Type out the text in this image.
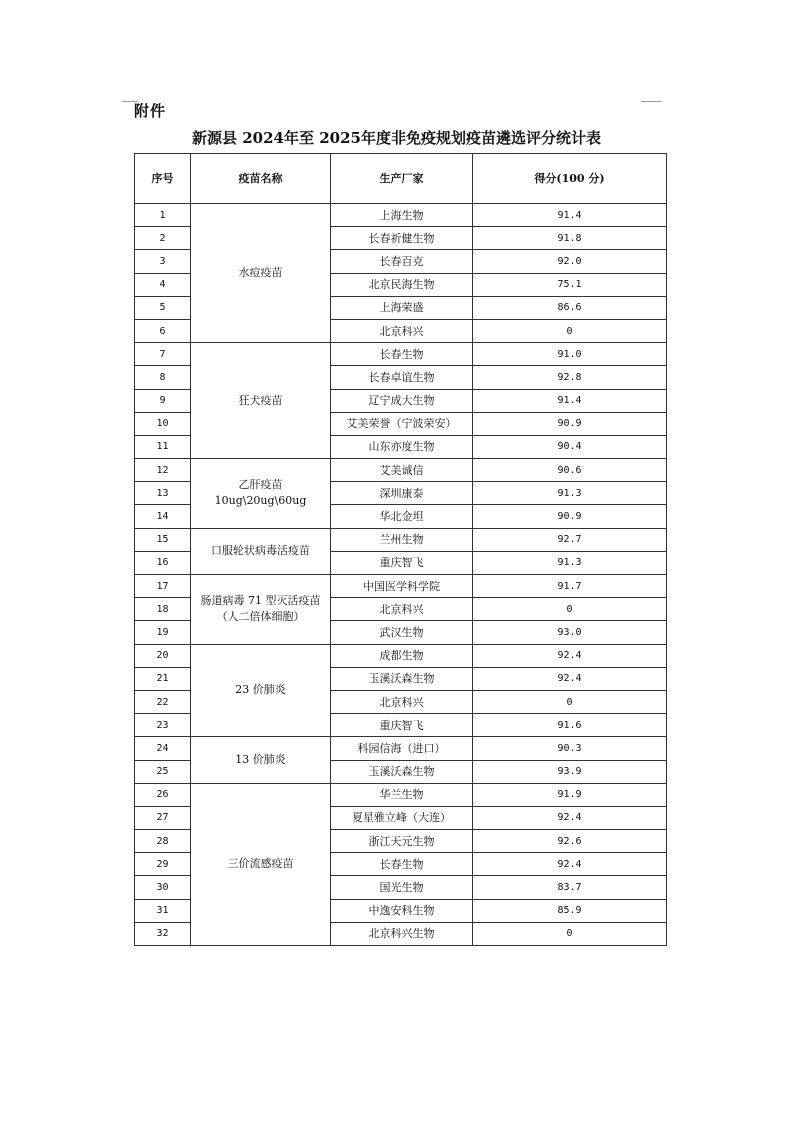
附件
新源县 2024年至 2025年度非免疫规划疫苗遴选评分统计表
序号	疫苗名称	生产厂家	得分(100 分)
1	水痘疫苗	上海生物	91.4
2		长春祈健生物	91.8
3		长春百克	92.0
4		北京民海生物	75.1
5		上海荣盛	86.6
6		北京科兴	0
7	狂犬疫苗	长春生物	91.0
8		长春卓谊生物	92.8
9		辽宁成大生物	91.4
10		艾美荣誉（宁波荣安）	90.9
11		山东亦度生物	90.4
12	乙肝疫苗 10ug\20ug\60ug	艾美诚信	90.6
13		深圳康泰	91.3
14		华北金坦	90.9
15	口服轮状病毒活疫苗	兰州生物	92.7
16		重庆智飞	91.3
17	肠道病毒 71 型灭活疫苗
（人二倍体细胞）	中国医学科学院	91.7
18		北京科兴	0
19		武汉生物	93.0
20	23 价肺炎	成都生物	92.4
21		玉溪沃森生物	92.4
22		北京科兴	0
23		重庆智飞	91.6
24	13 价肺炎	科园信海（进口）	90.3
25		玉溪沃森生物	93.9
26	三价流感疫苗	华兰生物	91.9
27		夏星雅立峰（大连）	92.4
28		浙江天元生物	92.6
29		长春生物	92.4
30		国光生物	83.7
31		中逸安科生物	85.9
32		北京科兴生物	0
